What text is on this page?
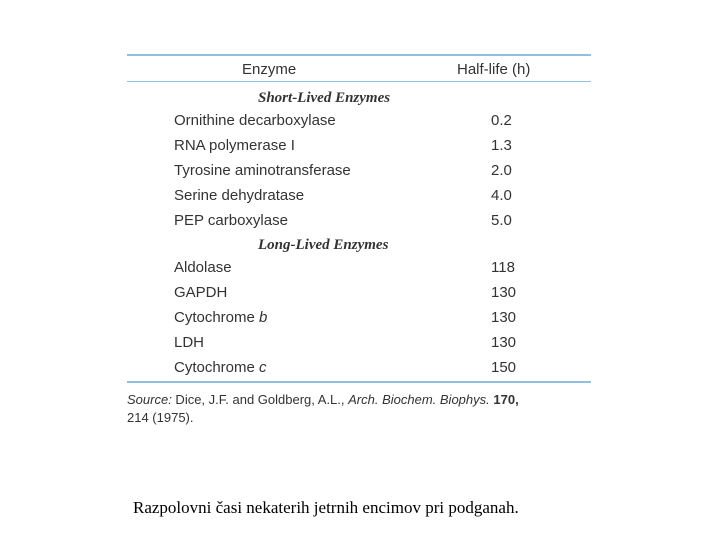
Enzyme	Half-life (h)
Short-Lived Enzymes
Ornithine decarboxylase	0.2
RNA polymerase I	1.3
Tyrosine aminotransferase	2.0
Serine dehydratase	4.0
PEP carboxylase	5.0
Long-Lived Enzymes
Aldolase	118
GAPDH	130
Cytochrome b	130
LDH	130
Cytochrome c	150
Source: Dice, J.F. and Goldberg, A.L., Arch. Biochem. Biophys. 170,
214 (1975).
Razpolovni časi nekaterih jetrnih encimov pri podganah.
